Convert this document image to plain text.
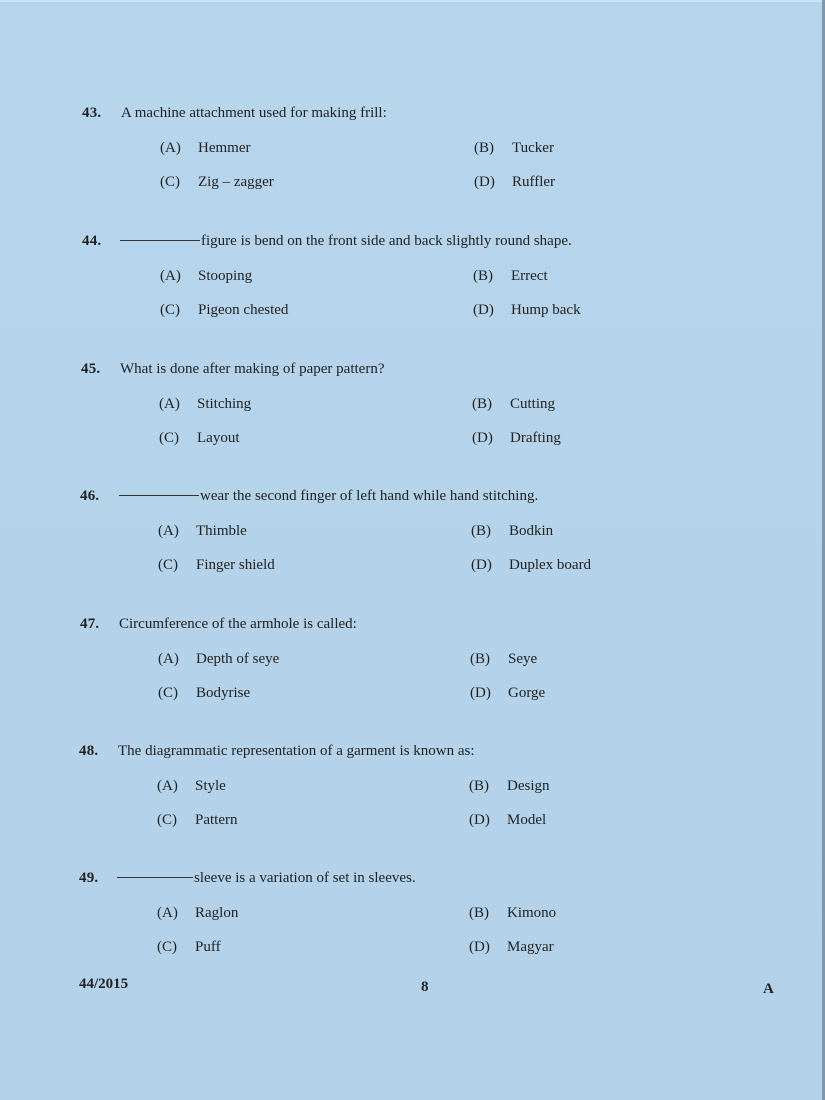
43. A machine attachment used for making frill:
(A) Hemmer	(B) Tucker
(C) Zig – zagger	(D) Ruffler
44.	figure is bend on the front side and back slightly round shape.
(A) Stooping	(B) Errect
(C) Pigeon chested	(D) Hump back
45. What is done after making of paper pattern?
(A) Stitching	(B) Cutting
(C) Layout	(D) Drafting
46.	wear the second finger of left hand while hand stitching.
(A) Thimble	(B) Bodkin
(C) Finger shield	(D) Duplex board
47. Circumference of the armhole is called:
(A) Depth of seye	(B) Seye
(C) Bodyrise	(D) Gorge
48. The diagrammatic representation of a garment is known as:
(A) Style	(B) Design
(C) Pattern	(D) Model
49.	sleeve is a variation of set in sleeves.
(A) Raglon	(B) Kimono
(C) Puff	(D) Magyar
44/2015	8	A
